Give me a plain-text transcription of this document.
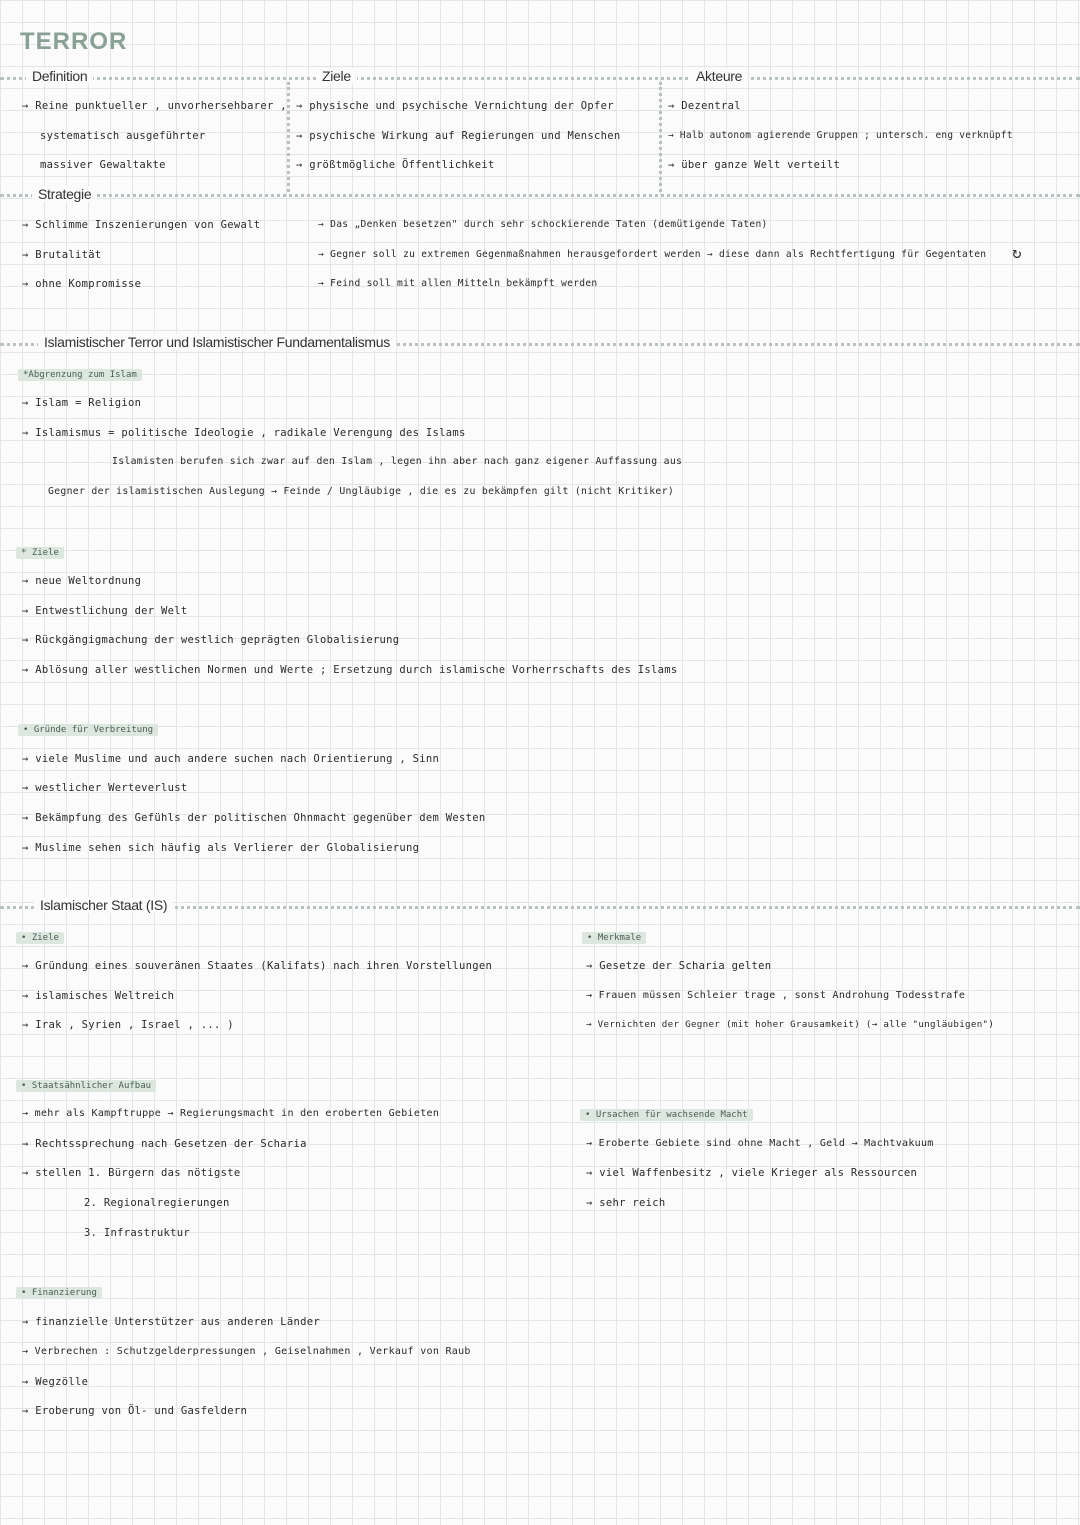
TERROR
Definition	Ziele	Akteure
→ Reine punktueller , unvorhersehbarer ,
systematisch ausgeführter
massiver Gewaltakte
→ physische und psychische Vernichtung der Opfer
→ psychische Wirkung auf Regierungen und Menschen
→ größtmögliche Öffentlichkeit
→ Dezentral
→ Halb autonom agierende Gruppen ; untersch. eng verknüpft
→ über ganze Welt verteilt
Strategie
→ Schlimme Inszenierungen von Gewalt
→ Brutalität
→ ohne Kompromisse
→ Das „Denken besetzen" durch sehr schockierende Taten (demütigende Taten)
→ Gegner soll zu extremen Gegenmaßnahmen herausgefordert werden → diese dann als Rechtfertigung für Gegentaten
→ Feind soll mit allen Mitteln bekämpft werden
↻
Islamistischer Terror und Islamistischer Fundamentalismus
*Abgrenzung zum Islam
→ Islam = Religion
→ Islamismus = politische Ideologie , radikale Verengung des Islams
Islamisten berufen sich zwar auf den Islam , legen ihn aber nach ganz eigener Auffassung aus
Gegner der islamistischen Auslegung → Feinde / Ungläubige , die es zu bekämpfen gilt (nicht Kritiker)
* Ziele
→ neue Weltordnung
→ Entwestlichung der Welt
→ Rückgängigmachung der westlich geprägten Globalisierung
→ Ablösung aller westlichen Normen und Werte ; Ersetzung durch islamische Vorherrschafts des Islams
• Gründe für Verbreitung
→ viele Muslime und auch andere suchen nach Orientierung , Sinn
→ westlicher Werteverlust
→ Bekämpfung des Gefühls der politischen Ohnmacht gegenüber dem Westen
→ Muslime sehen sich häufig als Verlierer der Globalisierung
Islamischer Staat (IS)
• Ziele
→ Gründung eines souveränen Staates (Kalifats) nach ihren Vorstellungen
→ islamisches Weltreich
→ Irak , Syrien , Israel , ... )
• Merkmale
→ Gesetze der Scharia gelten
→ Frauen müssen Schleier trage , sonst Androhung Todesstrafe
→ Vernichten der Gegner (mit hoher Grausamkeit) (→ alle "ungläubigen")
• Staatsähnlicher Aufbau
→ mehr als Kampftruppe → Regierungsmacht in den eroberten Gebieten
→ Rechtssprechung nach Gesetzen der Scharia
→ stellen 1. Bürgern das nötigste
2. Regionalregierungen
3. Infrastruktur
• Ursachen für wachsende Macht
→ Eroberte Gebiete sind ohne Macht , Geld → Machtvakuum
→ viel Waffenbesitz , viele Krieger als Ressourcen
→ sehr reich
• Finanzierung
→ finanzielle Unterstützer aus anderen Länder
→ Verbrechen : Schutzgelderpressungen , Geiselnahmen , Verkauf von Raub
→ Wegzölle
→ Eroberung von Öl- und Gasfeldern
